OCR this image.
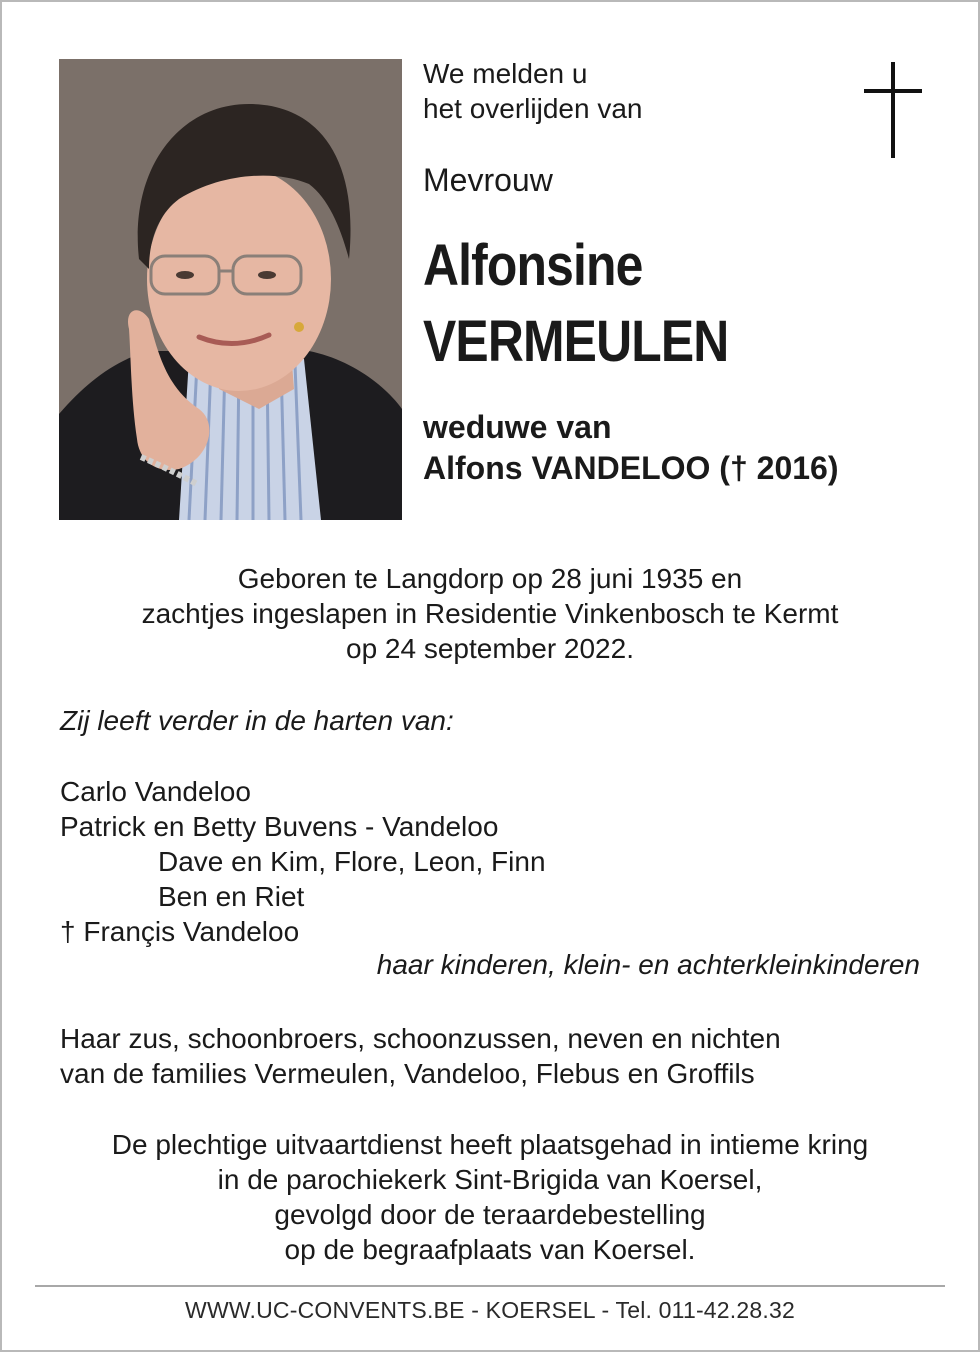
We melden u
het overlijden van
Mevrouw
Alfonsine
VERMEULEN
weduwe van
Alfons VANDELOO († 2016)
Geboren te Langdorp op 28 juni 1935 en
zachtjes ingeslapen in Residentie Vinkenbosch te Kermt
op 24 september 2022.
Zij leeft verder in de harten van:
Carlo Vandeloo
Patrick en Betty Buvens - Vandeloo
Dave en Kim, Flore, Leon, Finn
Ben en Riet
† Françis Vandeloo
haar kinderen, klein- en achterkleinkinderen
Haar zus, schoonbroers, schoonzussen, neven en nichten
van de families Vermeulen, Vandeloo, Flebus en Groffils
De plechtige uitvaartdienst heeft plaatsgehad in intieme kring
in de parochiekerk Sint-Brigida van Koersel,
gevolgd door de teraardebestelling
op de begraafplaats van Koersel.
WWW.UC-CONVENTS.BE - KOERSEL - Tel. 011-42.28.32
